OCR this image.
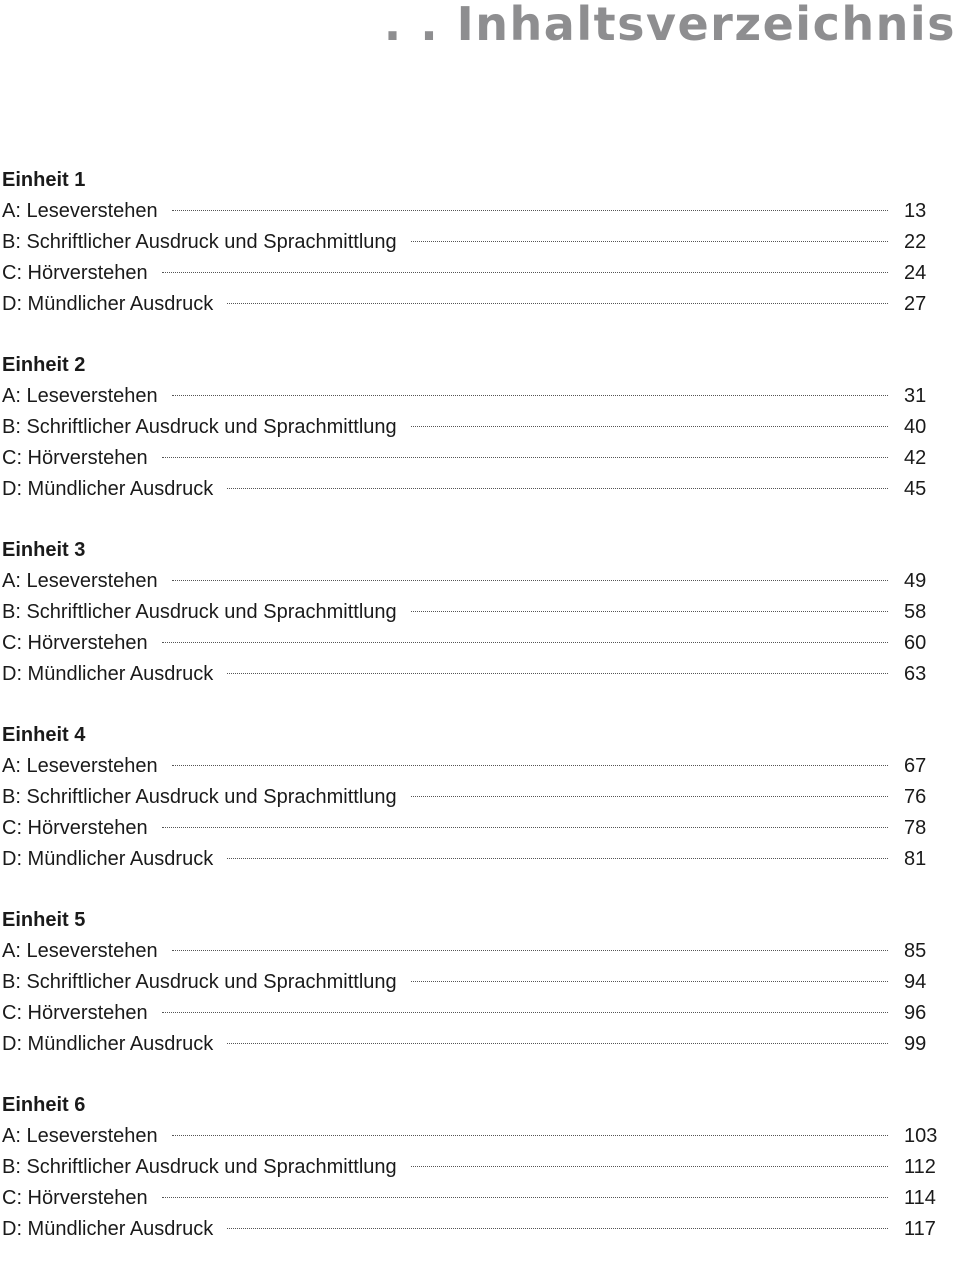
. . Inhaltsverzeichnis
Einheit 1
A: Leseverstehen	13
B: Schriftlicher Ausdruck und Sprachmittlung	22
C: Hörverstehen	24
D: Mündlicher Ausdruck	27
Einheit 2
A: Leseverstehen	31
B: Schriftlicher Ausdruck und Sprachmittlung	40
C: Hörverstehen	42
D: Mündlicher Ausdruck	45
Einheit 3
A: Leseverstehen	49
B: Schriftlicher Ausdruck und Sprachmittlung	58
C: Hörverstehen	60
D: Mündlicher Ausdruck	63
Einheit 4
A: Leseverstehen	67
B: Schriftlicher Ausdruck und Sprachmittlung	76
C: Hörverstehen	78
D: Mündlicher Ausdruck	81
Einheit 5
A: Leseverstehen	85
B: Schriftlicher Ausdruck und Sprachmittlung	94
C: Hörverstehen	96
D: Mündlicher Ausdruck	99
Einheit 6
A: Leseverstehen	103
B: Schriftlicher Ausdruck und Sprachmittlung	112
C: Hörverstehen	114
D: Mündlicher Ausdruck	117
